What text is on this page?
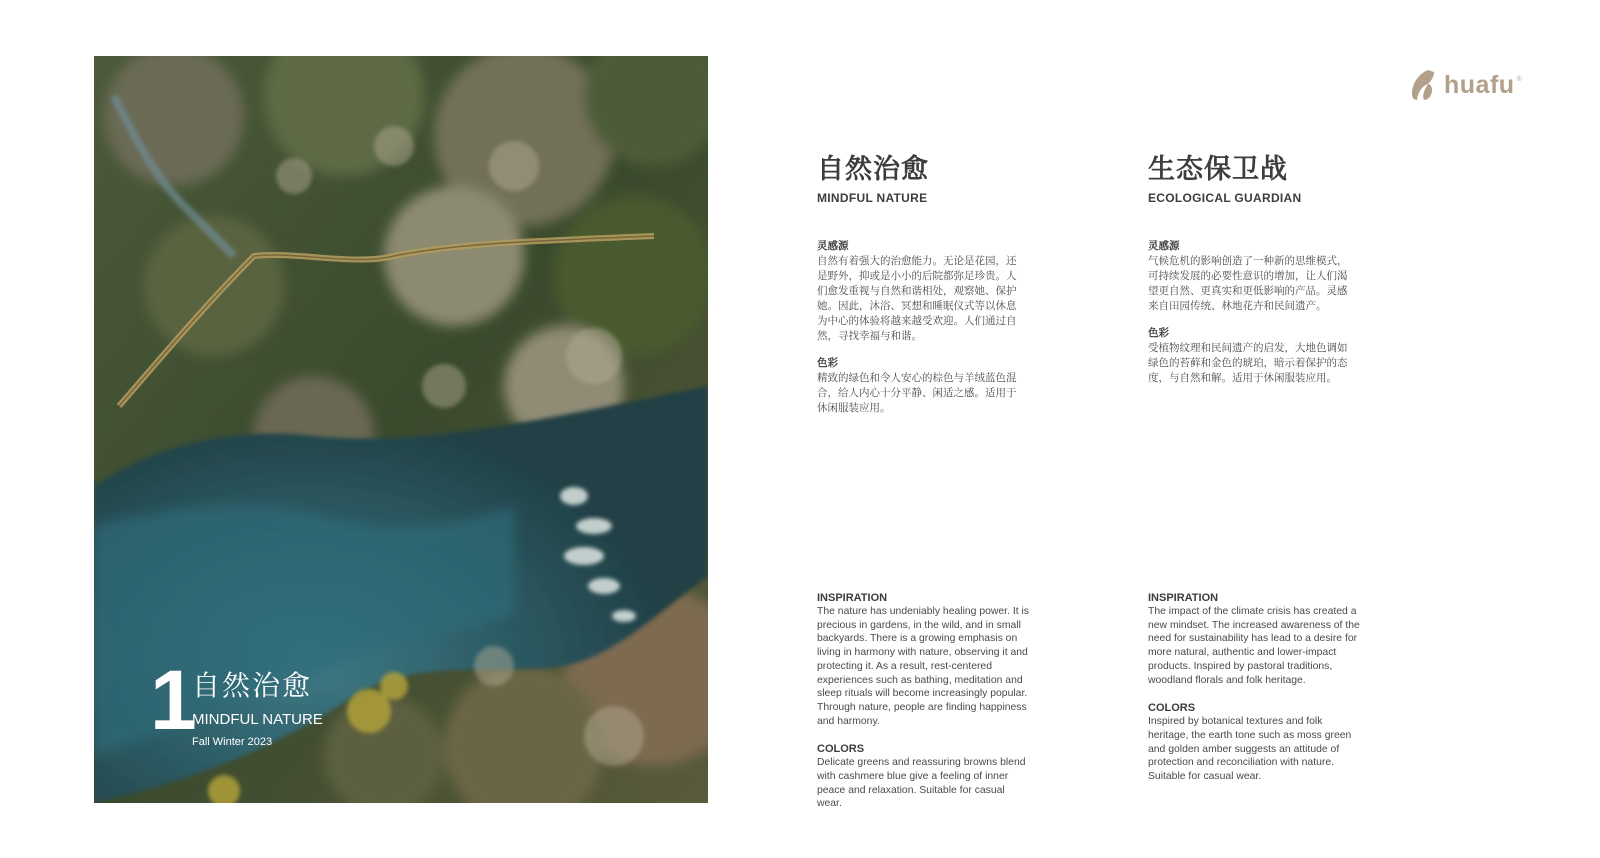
1
自然治愈
MINDFUL NATURE
Fall Winter 2023
huafu ®
自然治愈
MINDFUL NATURE
灵感源
自然有着强大的治愈能力。无论是花园，还是野外，抑或是小小的后院都弥足珍贵。人们愈发重视与自然和谐相处，观察她、保护她。因此，沐浴、冥想和睡眠仪式等以休息为中心的体验将越来越受欢迎。人们通过自然，寻找幸福与和谐。
色彩
精致的绿色和令人安心的棕色与羊绒蓝色混合，给人内心十分平静、闲适之感。适用于休闲服装应用。
INSPIRATION
The nature has undeniably healing power. It is precious in gardens, in the wild, and in small backyards. There is a growing emphasis on living in harmony with nature, observing it and protecting it. As a result, rest-centered experiences such as bathing, meditation and sleep rituals will become increasingly popular. Through nature, people are finding happiness and harmony.
COLORS
Delicate greens and reassuring browns blend with cashmere blue give a feeling of inner peace and relaxation. Suitable for casual wear.
生态保卫战
ECOLOGICAL GUARDIAN
灵感源
气候危机的影响创造了一种新的思维模式，可持续发展的必要性意识的增加，让人们渴望更自然、更真实和更低影响的产品。灵感来自田园传统、林地花卉和民间遗产。
色彩
受植物纹理和民间遗产的启发，大地色调如绿色的苔藓和金色的琥珀，暗示着保护的态度，与自然和解。适用于休闲服装应用。
INSPIRATION
The impact of the climate crisis has created a new mindset. The increased awareness of the need for sustainability has lead to a desire for more natural, authentic and lower-impact products. Inspired by pastoral traditions, woodland florals and folk heritage.
COLORS
Inspired by botanical textures and folk heritage, the earth tone such as moss green and golden amber suggests an attitude of protection and reconciliation with nature. Suitable for casual wear.
